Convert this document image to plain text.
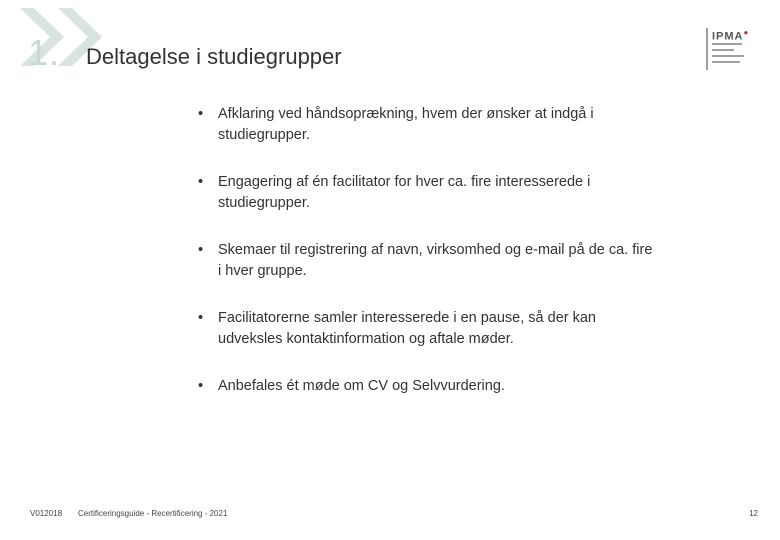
1. Deltagelse i studiegrupper
IPMA●
• Afklaring ved håndsoprækning, hvem der ønsker at indgå i studiegrupper.
• Engagering af én facilitator for hver ca. fire interesserede i studiegrupper.
• Skemaer til registrering af navn, virksomhed og e-mail på de ca. fire i hver gruppe.
• Facilitatorerne samler interesserede i en pause, så der kan udveksles kontaktinformation og aftale møder.
• Anbefales ét møde om CV og Selvvurdering.
V012018 Certificeringsguide - Recertificering - 2021	12
